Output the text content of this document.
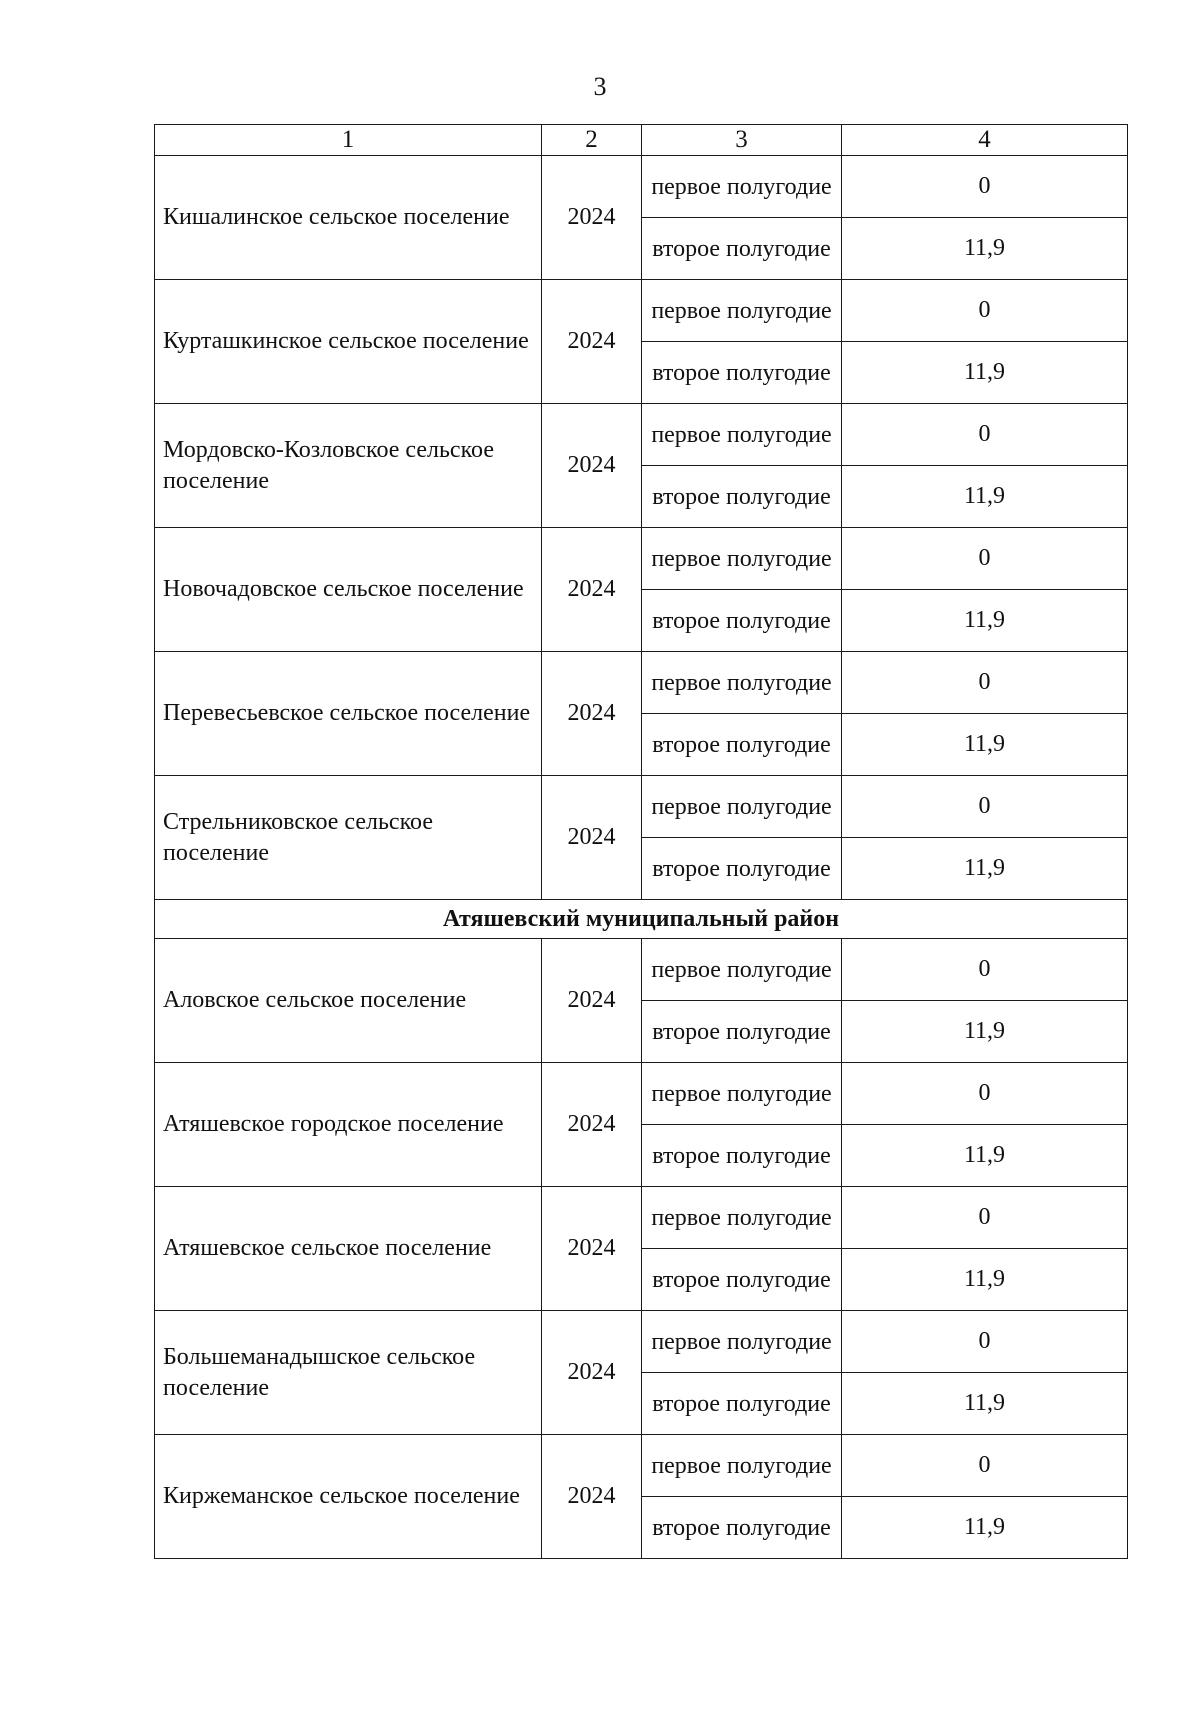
3
1	2	3	4
Кишалинское сельское поселение	2024	первое полугодие	0
		второе полугодие	11,9
Курташкинское сельское поселение	2024	первое полугодие	0
		второе полугодие	11,9
Мордовско-Козловское сельское поселение	2024	первое полугодие	0
		второе полугодие	11,9
Новочадовское сельское поселение	2024	первое полугодие	0
		второе полугодие	11,9
Перевесьевское сельское поселение	2024	первое полугодие	0
		второе полугодие	11,9
Стрельниковское сельское поселение	2024	первое полугодие	0
		второе полугодие	11,9
Атяшевский муниципальный район			
Аловское сельское поселение	2024	первое полугодие	0
		второе полугодие	11,9
Атяшевское городское поселение	2024	первое полугодие	0
		второе полугодие	11,9
Атяшевское сельское поселение	2024	первое полугодие	0
		второе полугодие	11,9
Большеманадышское сельское поселение	2024	первое полугодие	0
		второе полугодие	11,9
Киржеманское сельское поселение	2024	первое полугодие	0
		второе полугодие	11,9
